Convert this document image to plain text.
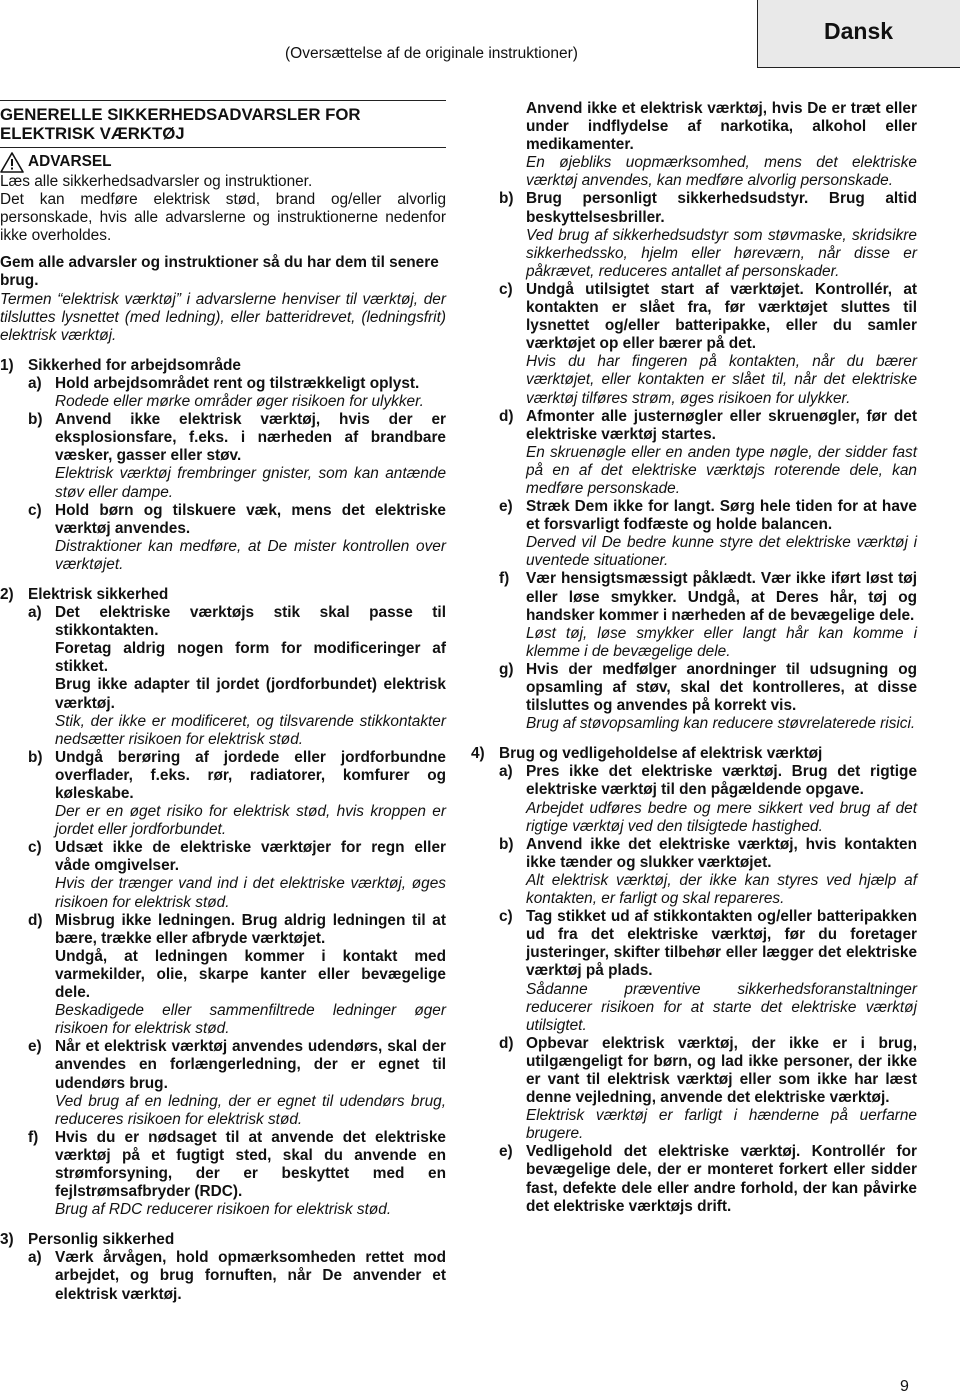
(Oversættelse af de originale instruktioner)
Dansk
GENERELLE SIKKERHEDSADVARSLER FOR
ELEKTRISK VÆRKTØJ
ADVARSEL

Læs alle sikkerhedsadvarsler og instruktioner.

Det kan medføre elektrisk stød, brand og/eller alvorlig personskade, hvis alle advarslerne og instruktionerne nedenfor ikke overholdes.

Gem alle advarsler og instruktioner så du har dem til senere brug.

Termen “elektrisk værktøj” i advarslerne henviser til værktøj, der tilsluttes lysnettet (med ledning), eller batteridrevet, (ledningsfrit) elektrisk værktøj.

1) Sikkerhed for arbejdsområde
a) Hold arbejdsområdet rent og tilstrækkeligt oplyst.

Rodede eller mørke områder øger risikoen for ulykker.

b) Anvend ikke elektrisk værktøj, hvis der er eksplosionsfare, f.eks. i nærheden af brandbare væsker, gasser eller støv.

Elektrisk værktøj frembringer gnister, som kan antænde støv eller dampe.

c) Hold børn og tilskuere væk, mens det elektriske værktøj anvendes.

Distraktioner kan medføre, at De mister kontrollen over værktøjet.

2) Elektrisk sikkerhed
a) Det elektriske værktøjs stik skal passe til stikkontakten.

Foretag aldrig nogen form for modificeringer af stikket.

Brug ikke adapter til jordet (jordforbundet) elektrisk værktøj.

Stik, der ikke er modificeret, og tilsvarende stikkontakter nedsætter risikoen for elektrisk stød.

b) Undgå berøring af jordede eller jordforbundne overflader, f.eks. rør, radiatorer, komfurer og køleskabe.

Der er en øget risiko for elektrisk stød, hvis kroppen er jordet eller jordforbundet.

c) Udsæt ikke de elektriske værktøjer for regn eller våde omgivelser.

Hvis der trænger vand ind i det elektriske værktøj, øges risikoen for elektrisk stød.

d) Misbrug ikke ledningen. Brug aldrig ledningen til at bære, trække eller afbryde værktøjet.

Undgå, at ledningen kommer i kontakt med varmekilder, olie, skarpe kanter eller bevægelige dele.

Beskadigede eller sammenfiltrede ledninger øger risikoen for elektrisk stød.

e) Når et elektrisk værktøj anvendes udendørs, skal der anvendes en forlængerledning, der er egnet til udendørs brug.

Ved brug af en ledning, der er egnet til udendørs brug, reduceres risikoen for elektrisk stød.

f) Hvis du er nødsaget til at anvende det elektriske værktøj på et fugtigt sted, skal du anvende en strømforsyning, der er beskyttet med en fejlstrømsafbryder (RDC).

Brug af RDC reducerer risikoen for elektrisk stød.

3) Personlig sikkerhed
a) Værk årvågen, hold opmærksomheden rettet mod arbejdet, og brug fornuften, når De anvender et elektrisk værktøj.

Anvend ikke et elektrisk værktøj, hvis De er træt eller under indflydelse af narkotika, alkohol eller medikamenter.

En øjebliks uopmærksomhed, mens det elektriske værktøj anvendes, kan medføre alvorlig personskade.

b) Brug personligt sikkerhedsudstyr. Brug altid beskyttelsesbriller.

Ved brug af sikkerhedsudstyr som støvmaske, skridsikre sikkerhedssko, hjelm eller høreværn, når disse er påkrævet, reduceres antallet af personskader.

c) Undgå utilsigtet start af værktøjet. Kontrollér, at kontakten er slået fra, før værktøjet sluttes til lysnettet og/eller batteripakke, eller du samler værktøjet op eller bærer på det.

Hvis du har fingeren på kontakten, når du bærer værktøjet, eller kontakten er slået til, når det elektriske værktøj tilføres strøm, øges risikoen for ulykker.

d) Afmonter alle justernøgler eller skruenøgler, før det elektriske værktøj startes.

En skruenøgle eller en anden type nøgle, der sidder fast på en af det elektriske værktøjs roterende dele, kan medføre personskade.

e) Stræk Dem ikke for langt. Sørg hele tiden for at have et forsvarligt fodfæste og holde balancen.

Derved vil De bedre kunne styre det elektriske værktøj i uventede situationer.

f) Vær hensigtsmæssigt påklædt. Vær ikke iført løst tøj eller løse smykker. Undgå, at Deres hår, tøj og handsker kommer i nærheden af de bevægelige dele.

Løst tøj, løse smykker eller langt hår kan komme i klemme i de bevægelige dele.

g) Hvis der medfølger anordninger til udsugning og opsamling af støv, skal det kontrolleres, at disse tilsluttes og anvendes på korrekt vis.

Brug af støvopsamling kan reducere støvrelaterede risici.

4) Brug og vedligeholdelse af elektrisk værktøj
a) Pres ikke det elektriske værktøj. Brug det rigtige elektriske værktøj til den pågældende opgave.

Arbejdet udføres bedre og mere sikkert ved brug af det rigtige værktøj ved den tilsigtede hastighed.

b) Anvend ikke det elektriske værktøj, hvis kontakten ikke tænder og slukker værktøjet.

Alt elektrisk værktøj, der ikke kan styres ved hjælp af kontakten, er farligt og skal repareres.

c) Tag stikket ud af stikkontakten og/eller batteripakken ud fra det elektriske værktøj, før du foretager justeringer, skifter tilbehør eller lægger det elektriske værktøj på plads.

Sådanne præventive sikkerhedsforanstaltninger reducerer risikoen for at starte det elektriske værktøj utilsigtet.

d) Opbevar elektrisk værktøj, der ikke er i brug, utilgængeligt for børn, og lad ikke personer, der ikke er vant til elektrisk værktøj eller som ikke har læst denne vejledning, anvende det elektriske værktøj.

Elektrisk værktøj er farligt i hænderne på uerfarne brugere.

e) Vedligehold det elektriske værktøj. Kontrollér for bevægelige dele, der er monteret forkert eller sidder fast, defekte dele eller andre forhold, der kan påvirke det elektriske værktøjs drift.

9
